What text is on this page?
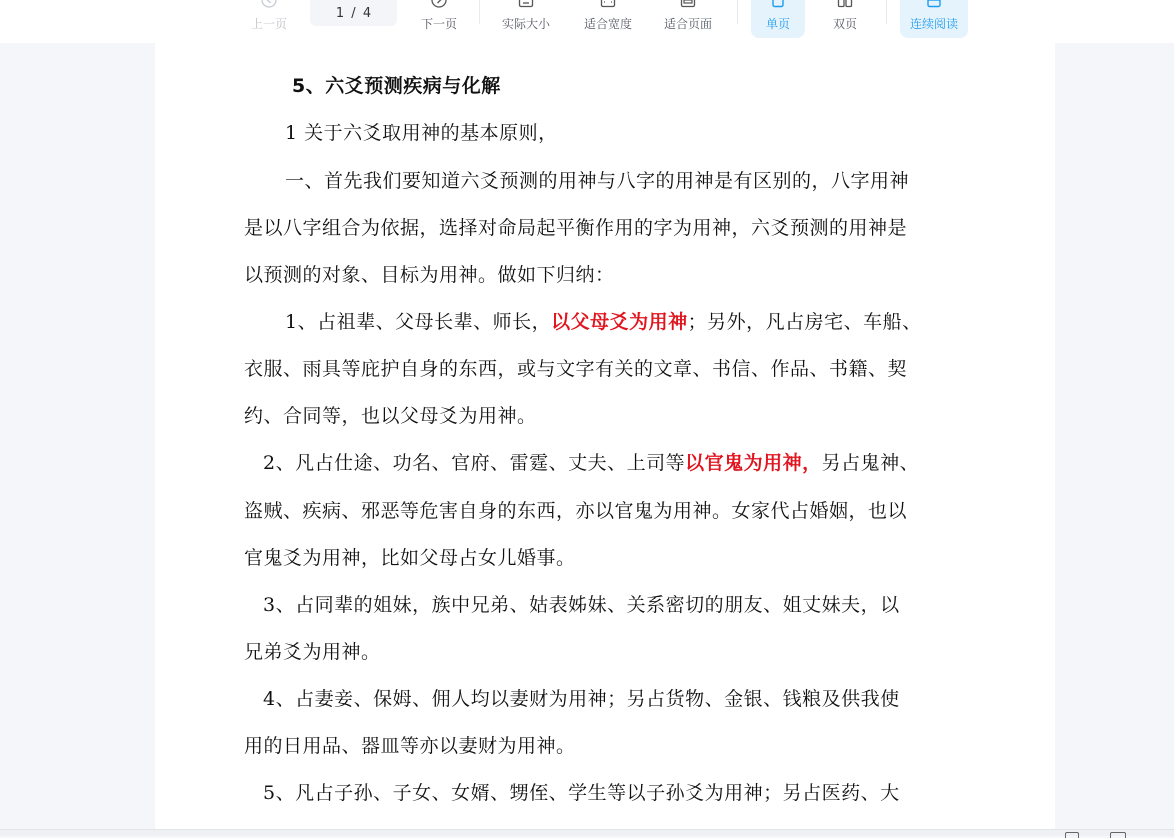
上一页
1 / 4
下一页	实际大小	适合宽度	适合页面	单页	双页	连续阅读
5、六爻预测疾病与化解
1 关于六爻取用神的基本原则，
一、首先我们要知道六爻预测的用神与八字的用神是有区别的，八字用神
是以八字组合为依据，选择对命局起平衡作用的字为用神，六爻预测的用神是
以预测的对象、目标为用神。做如下归纳：
1、占祖辈、父母长辈、师长，以父母爻为用神；另外，凡占房宅、车船、
衣服、雨具等庇护自身的东西，或与文字有关的文章、书信、作品、书籍、契
约、合同等，也以父母爻为用神。
2、凡占仕途、功名、官府、雷霆、丈夫、上司等以官鬼为用神，另占鬼神、
盗贼、疾病、邪恶等危害自身的东西，亦以官鬼为用神。女家代占婚姻，也以
官鬼爻为用神，比如父母占女儿婚事。
3、占同辈的姐妹，族中兄弟、姑表姊妹、关系密切的朋友、姐丈妹夫，以
兄弟爻为用神。
4、占妻妾、保姆、佣人均以妻财为用神；另占货物、金银、钱粮及供我使
用的日用品、器皿等亦以妻财为用神。
5、凡占子孙、子女、女婿、甥侄、学生等以子孙爻为用神；另占医药、大
